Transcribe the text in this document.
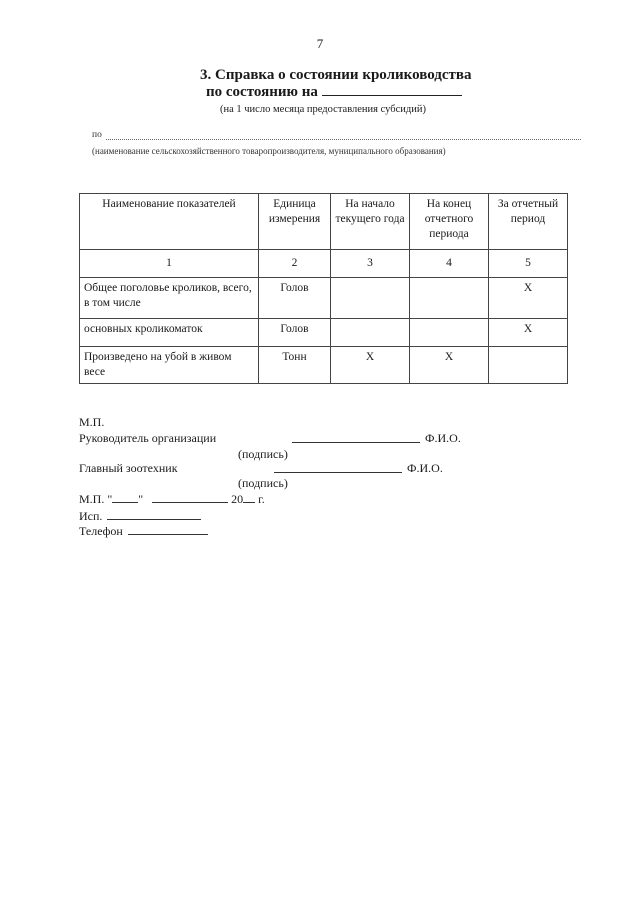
7
3. Справка о состоянии кролиководства
по состоянию на
(на 1 число месяца предоставления субсидий)
по
(наименование сельскохозяйственного товаропроизводителя, муниципального образования)
Наименование показателей	Единица измерения	На начало текущего года	На конец отчетного периода	За отчетный период
1	2	3	4	5
Общее поголовье кроликов, всего, в том числе	Голов			X
основных кроликоматок	Голов			X
Произведено на убой в живом весе	Тонн	X	X	
М.П.
Руководитель организации	Ф.И.О.
(подпись)
Главный зоотехник	Ф.И.О.
(подпись)
М.П. " "	20 г.
Исп.
Телефон
